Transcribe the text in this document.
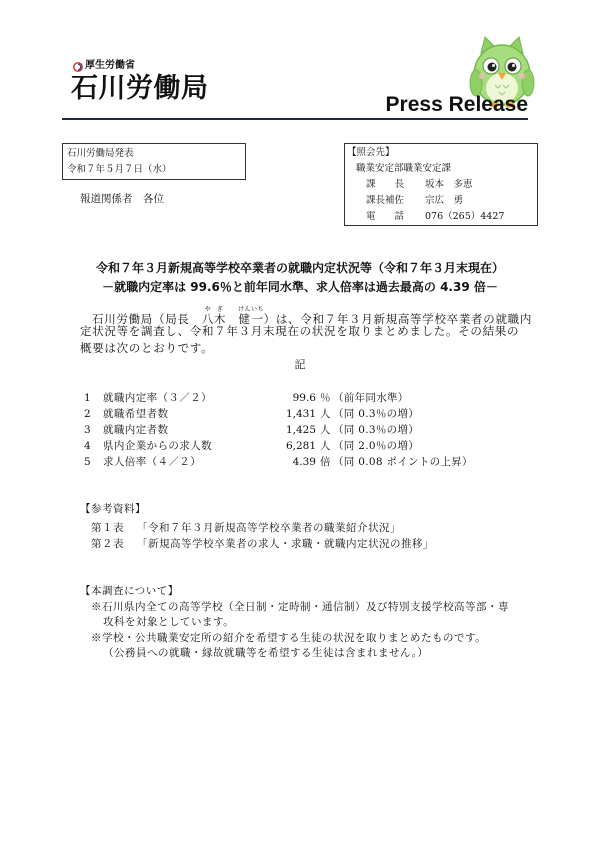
厚生労働省
石川労働局
Press Release
石川労働局発表
令和７年５月７日（水）
報道関係者　各位
【照会先】
職業安定部職業安定課
課　　長 坂本　多恵
課長補佐 宗広　勇
電　　話 076（265）4427
令和７年３月新規高等学校卒業者の就職内定状況等（令和７年３月末現在）
－就職内定率は 99.6％と前年同水準、求人倍率は過去最高の 4.39 倍－
石川労働局（局長　八木やぎ　健一けんいち）は、令和７年３月新規高等学校卒業者の就職内
定状況等を調査し、令和７年３月末現在の状況を取りまとめました。その結果の
概要は次のとおりです。
記
1 就職内定率（３／２）	99.6 ％ （前年同水準）
2 就職希望者数	1,431 人 （同 0.3％の増）
3 就職内定者数	1,425 人 （同 0.3％の増）
4 県内企業からの求人数	6,281 人 （同 2.0％の増）
5 求人倍率（４／２）	4.39 倍 （同 0.08 ポイントの上昇）
【参考資料】
第１表 「令和７年３月新規高等学校卒業者の職業紹介状況」
第２表 「新規高等学校卒業者の求人・求職・就職内定状況の推移」
【本調査について】
※石川県内全ての高等学校（全日制・定時制・通信制）及び特別支援学校高等部・専
攻科を対象としています。
※学校・公共職業安定所の紹介を希望する生徒の状況を取りまとめたものです。
（公務員への就職・縁故就職等を希望する生徒は含まれません。）
